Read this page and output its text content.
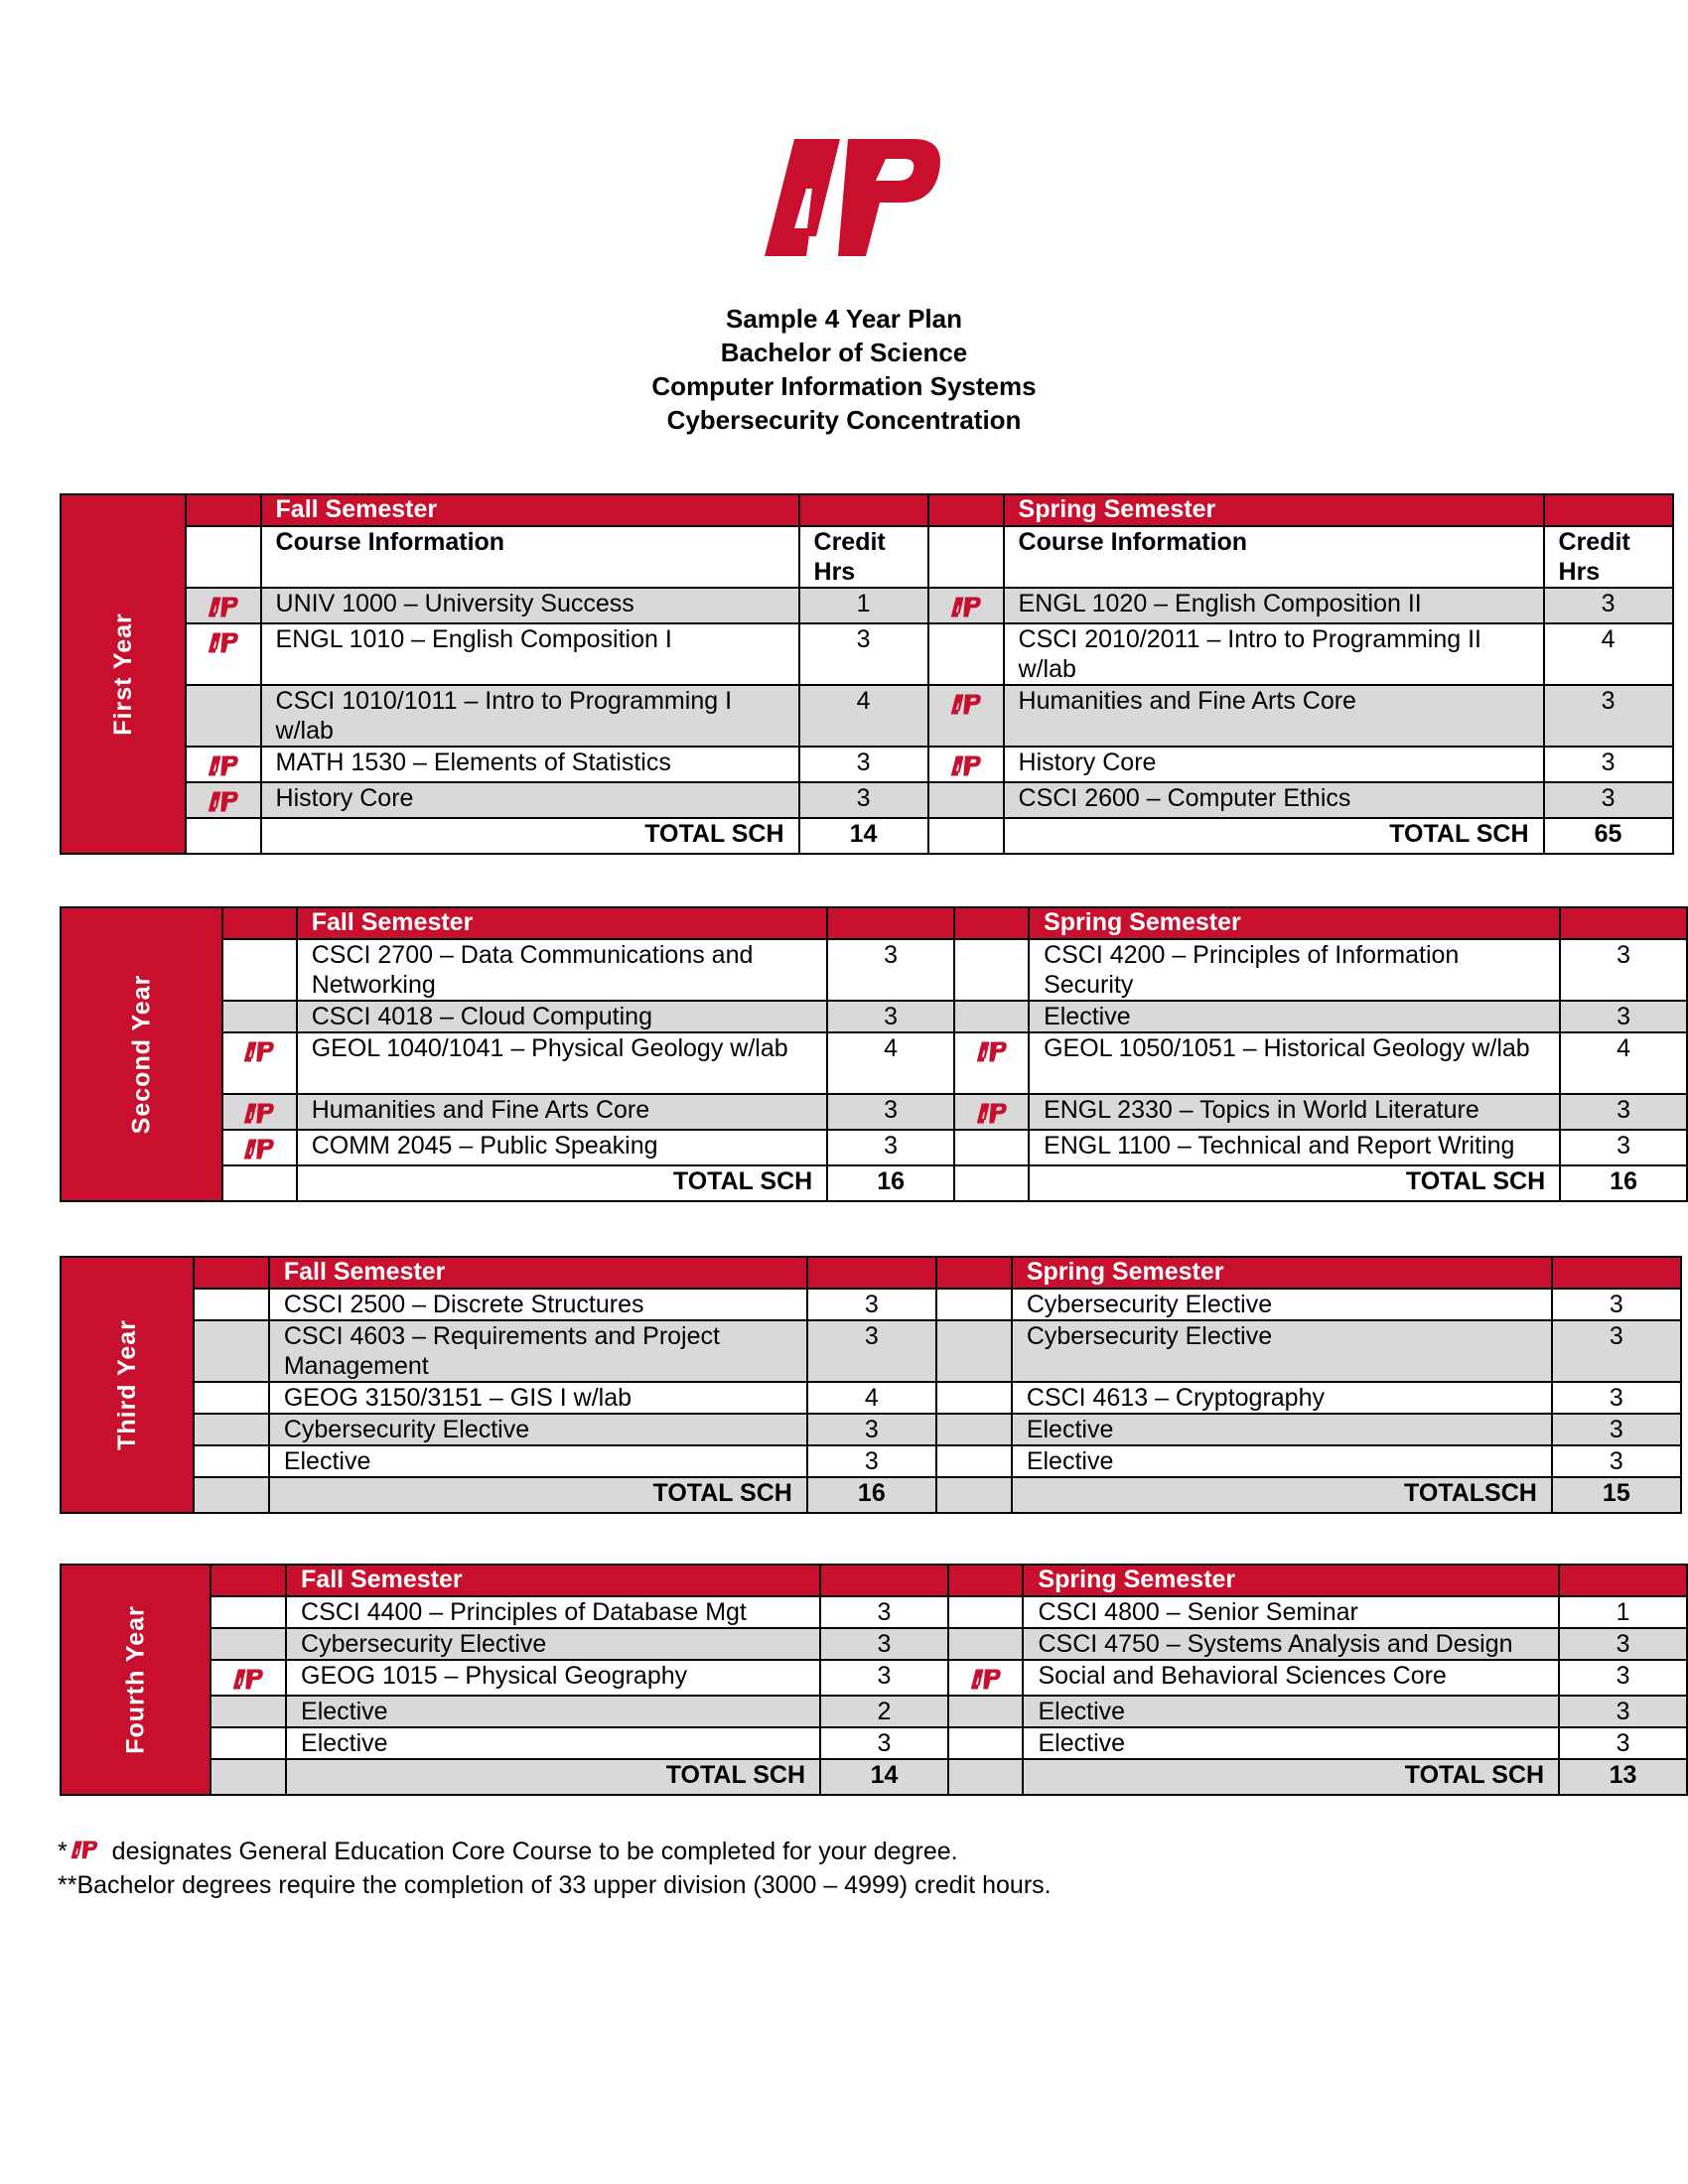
Sample 4 Year Plan
Bachelor of Science
Computer Information Systems
Cybersecurity Concentration
First Year		Fall Semester			Spring Semester	
		Course Information	Credit Hrs		Course Information	Credit Hrs
	UNIV 1000 – University Success	1		ENGL 1020 – English Composition II	3
	ENGL 1010 – English Composition I	3		CSCI 2010/2011 – Intro to Programming II w/lab	4
		CSCI 1010/1011 – Intro to Programming I w/lab	4		Humanities and Fine Arts Core	3
	MATH 1530 – Elements of Statistics	3		History Core	3
	History Core	3		CSCI 2600 – Computer Ethics	3
		TOTAL SCH	14		TOTAL SCH	65
Second Year		Fall Semester			Spring Semester	
		CSCI 2700 – Data Communications and Networking	3		CSCI 4200 – Principles of Information Security	3
		CSCI 4018 – Cloud Computing	3		Elective	3
	GEOL 1040/1041 – Physical Geology w/lab	4		GEOL 1050/1051 – Historical Geology w/lab	4
	Humanities and Fine Arts Core	3		ENGL 2330 – Topics in World Literature	3
	COMM 2045 – Public Speaking	3		ENGL 1100 – Technical and Report Writing	3
		TOTAL SCH	16		TOTAL SCH	16
Third Year		Fall Semester			Spring Semester	
		CSCI 2500 – Discrete Structures	3		Cybersecurity Elective	3
		CSCI 4603 – Requirements and Project Management	3		Cybersecurity Elective	3
		GEOG 3150/3151 – GIS I w/lab	4		CSCI 4613 – Cryptography	3
		Cybersecurity Elective	3		Elective	3
		Elective	3		Elective	3
		TOTAL SCH	16		TOTALSCH	15
Fourth Year		Fall Semester			Spring Semester	
		CSCI 4400 – Principles of Database Mgt	3		CSCI 4800 – Senior Seminar	1
		Cybersecurity Elective	3		CSCI 4750 – Systems Analysis and Design	3
	GEOG 1015 – Physical Geography	3		Social and Behavioral Sciences Core	3
		Elective	2		Elective	3
		Elective	3		Elective	3
		TOTAL SCH	14		TOTAL SCH	13
* designates General Education Core Course to be completed for your degree.
**Bachelor degrees require the completion of 33 upper division (3000 – 4999) credit hours.
